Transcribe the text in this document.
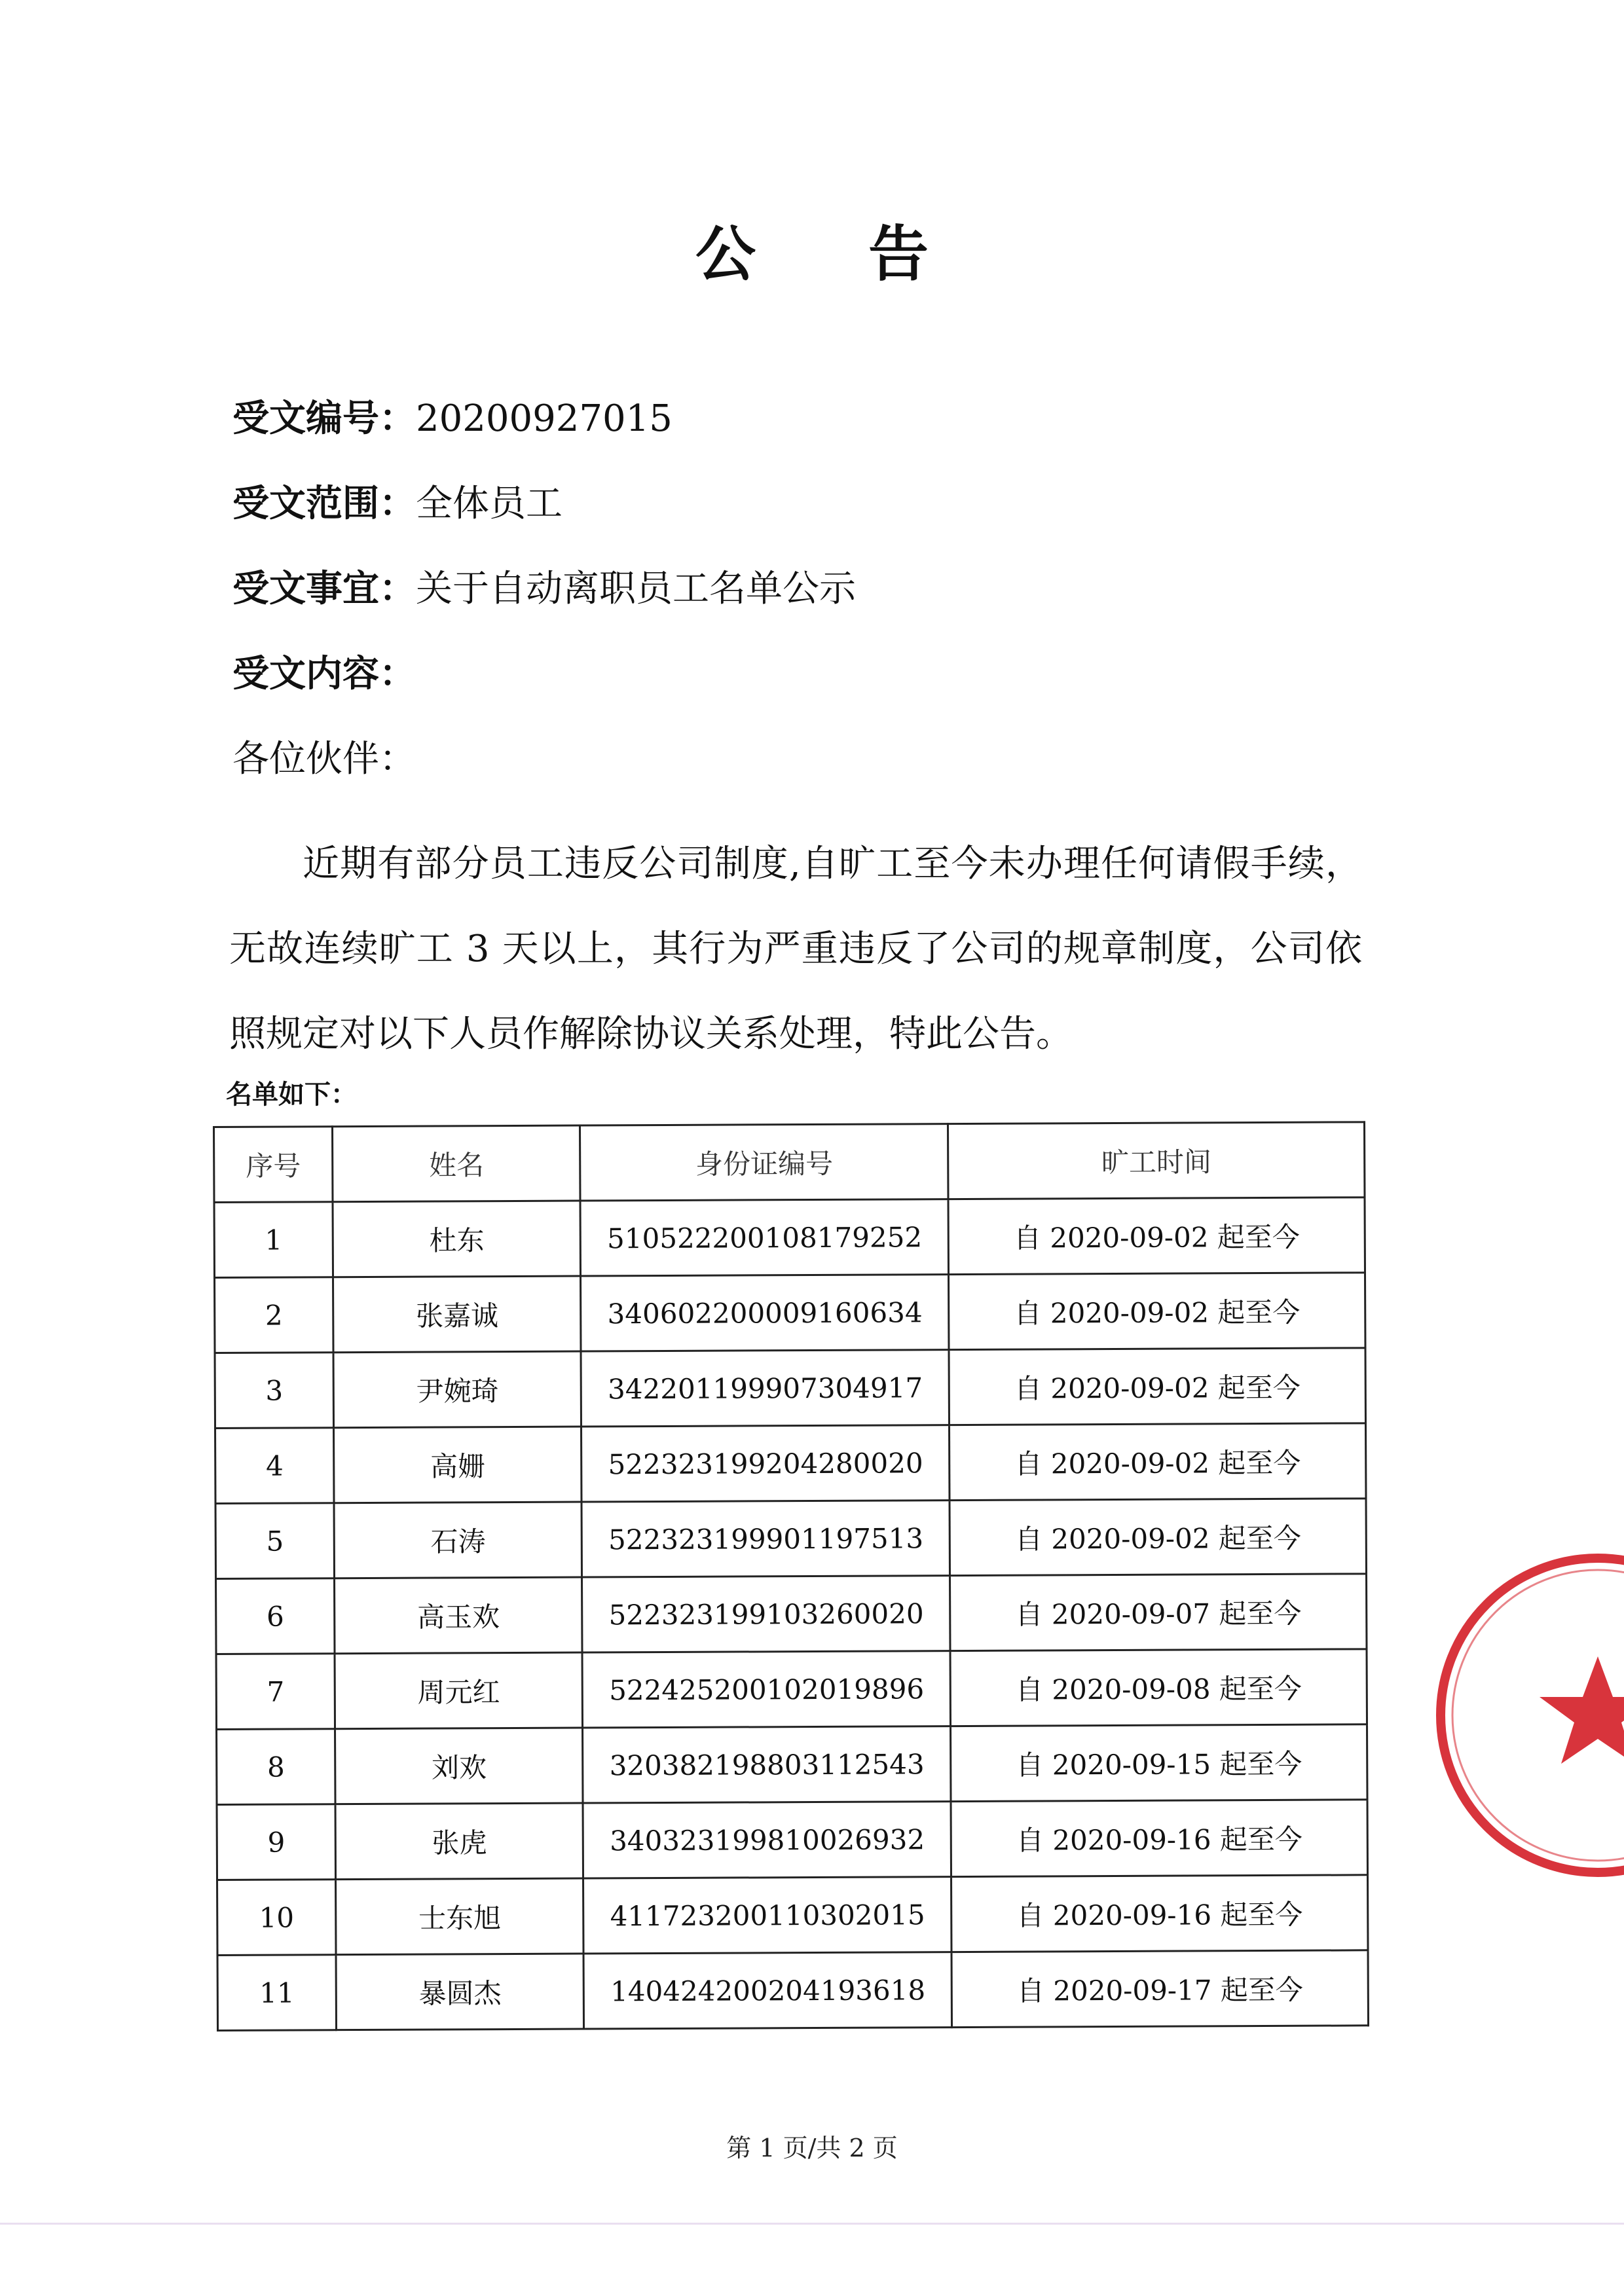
公 告
受文编号：20200927015
受文范围：全体员工
受文事宜：关于自动离职员工名单公示
受文内容：
各位伙伴：
近期有部分员工违反公司制度,自旷工至今未办理任何请假手续，无故连续旷工 3 天以上，其行为严重违反了公司的规章制度，公司依照规定对以下人员作解除协议关系处理，特此公告。
名单如下：
序号	姓名	身份证编号	旷工时间
1	杜东	510522200108179252	自 2020-09-02 起至今
2	张嘉诚	340602200009160634	自 2020-09-02 起至今
3	尹婉琦	342201199907304917	自 2020-09-02 起至今
4	高姗	522323199204280020	自 2020-09-02 起至今
5	石涛	522323199901197513	自 2020-09-02 起至今
6	高玉欢	522323199103260020	自 2020-09-07 起至今
7	周元红	522425200102019896	自 2020-09-08 起至今
8	刘欢	320382198803112543	自 2020-09-15 起至今
9	张虎	340323199810026932	自 2020-09-16 起至今
10	士东旭	411723200110302015	自 2020-09-16 起至今
11	暴圆杰	140424200204193618	自 2020-09-17 起至今
第 1 页/共 2 页
